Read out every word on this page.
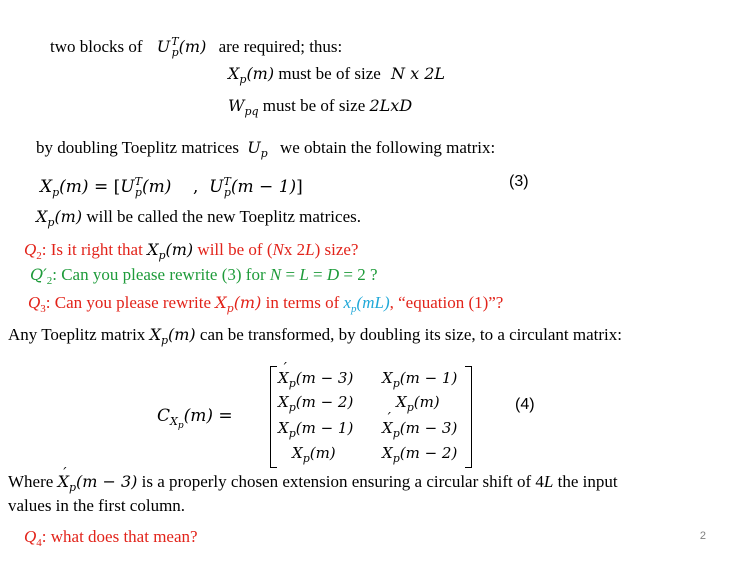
two blocks of $U^T_p(m)$ are required; thus:
$X_p(m)$ must be of size N x 2L
$W_{pq}$ must be of size 2LxD
by doubling Toeplitz matrices $U_p$ we obtain the following matrix:
$X_p(m) = [U^T_p(m)$    ,  $U^T_p(m - 1)$]	(3)
$X_p(m)$ will be called the new Toeplitz matrices.
$Q_2$: Is it right that $X_p(m)$ will be of (Nx 2L) size?
$Q'_2$: Can you please rewrite (3) for N = L = D = 2 ?
$Q_3$: Can you please rewrite $X_p(m)$ in terms of $x_p(mL)$, “equation (1)”?
Any Toeplitz matrix $X_p(m)$ can be transformed, by doubling its size, to a circulant matrix:
$C_{X_p}(m)$ =
´ $X_p(m - 3) X_p(m - 1)$
$X_p(m - 2)$	$X_p(m)$
$X_p(m - 1)$
´ $X_p(m - 3)$
$X_p(m)$	$X_p(m - 2)$
(4)
Where ´ $X_p(m - 3)$ is a properly chosen extension ensuring a circular shift of 4L the input
values in the first column.
$Q_4$: what does that mean?	2
